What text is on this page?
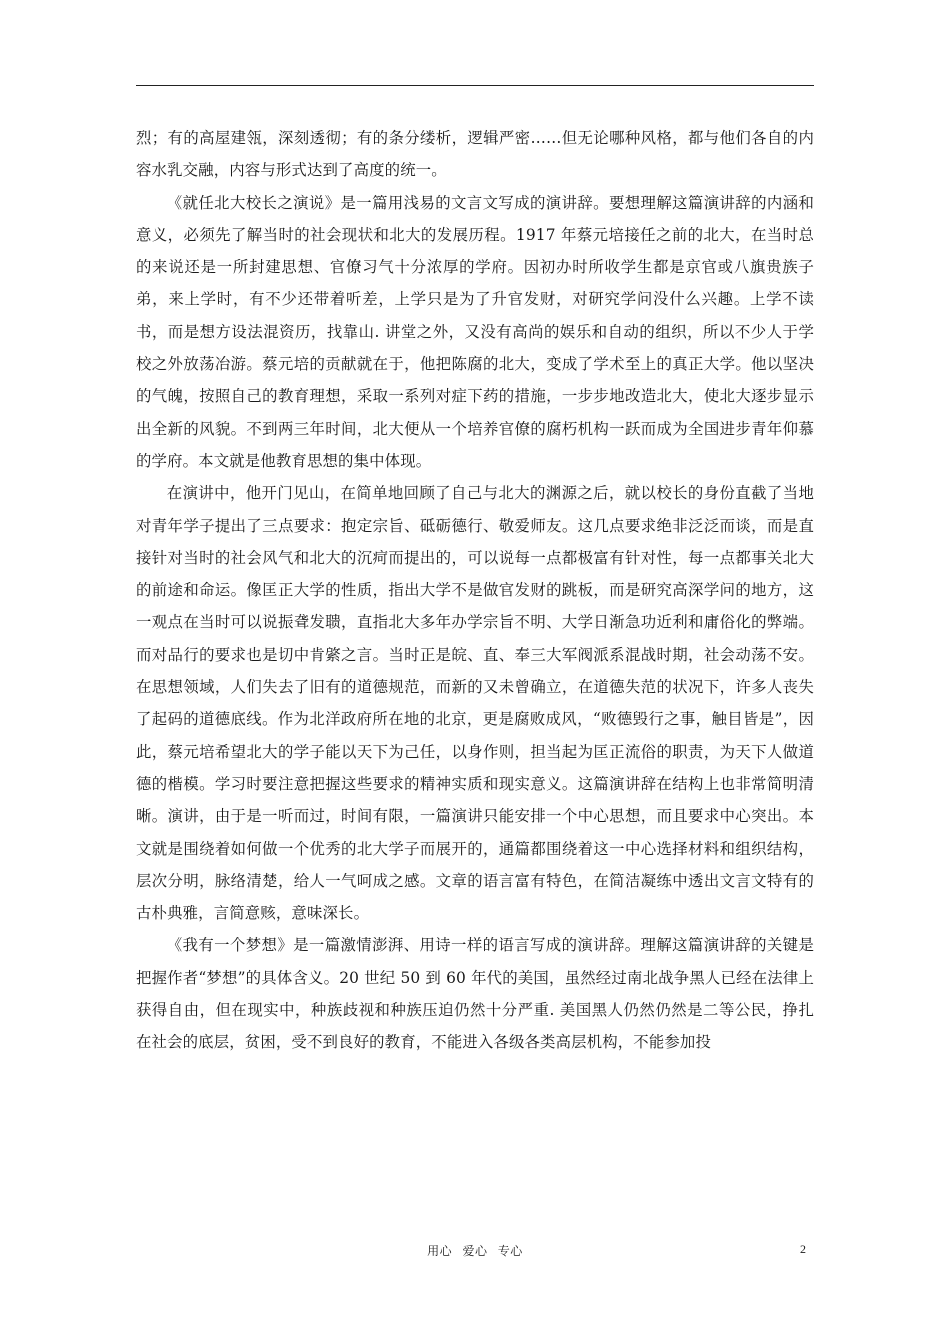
烈；有的高屋建瓴，深刻透彻；有的条分缕析，逻辑严密……但无论哪种风格，都与他们各自的内容水乳交融，内容与形式达到了高度的统一。

《就任北大校长之演说》是一篇用浅易的文言文写成的演讲辞。要想理解这篇演讲辞的内涵和意义，必须先了解当时的社会现状和北大的发展历程。1917 年蔡元培接任之前的北大，在当时总的来说还是一所封建思想、官僚习气十分浓厚的学府。因初办时所收学生都是京官或八旗贵族子弟，来上学时，有不少还带着听差，上学只是为了升官发财，对研究学问没什么兴趣。上学不读书，而是想方设法混资历，找靠山. 讲堂之外，又没有高尚的娱乐和自动的组织，所以不少人于学校之外放荡冶游。蔡元培的贡献就在于，他把陈腐的北大，变成了学术至上的真正大学。他以坚决的气魄，按照自己的教育理想，采取一系列对症下药的措施，一步步地改造北大，使北大逐步显示出全新的风貌。不到两三年时间，北大便从一个培养官僚的腐朽机构一跃而成为全国进步青年仰慕的学府。本文就是他教育思想的集中体现。

在演讲中，他开门见山，在简单地回顾了自己与北大的渊源之后，就以校长的身份直截了当地对青年学子提出了三点要求：抱定宗旨、砥砺德行、敬爱师友。这几点要求绝非泛泛而谈，而是直接针对当时的社会风气和北大的沉疴而提出的，可以说每一点都极富有针对性，每一点都事关北大的前途和命运。像匡正大学的性质，指出大学不是做官发财的跳板，而是研究高深学问的地方，这一观点在当时可以说振聋发聩，直指北大多年办学宗旨不明、大学日渐急功近利和庸俗化的弊端。而对品行的要求也是切中肯綮之言。当时正是皖、直、奉三大军阀派系混战时期，社会动荡不安。在思想领域，人们失去了旧有的道德规范，而新的又未曾确立，在道德失范的状况下，许多人丧失了起码的道德底线。作为北洋政府所在地的北京，更是腐败成风，“败德毁行之事，触目皆是”，因此，蔡元培希望北大的学子能以天下为己任，以身作则，担当起为匡正流俗的职责，为天下人做道德的楷模。学习时要注意把握这些要求的精神实质和现实意义。这篇演讲辞在结构上也非常简明清晰。演讲，由于是一听而过，时间有限，一篇演讲只能安排一个中心思想，而且要求中心突出。本文就是围绕着如何做一个优秀的北大学子而展开的，通篇都围绕着这一中心选择材料和组织结构，层次分明，脉络清楚，给人一气呵成之感。文章的语言富有特色，在简洁凝练中透出文言文特有的古朴典雅，言简意赅，意味深长。

《我有一个梦想》是一篇激情澎湃、用诗一样的语言写成的演讲辞。理解这篇演讲辞的关键是把握作者“梦想”的具体含义。20 世纪 50 到 60 年代的美国，虽然经过南北战争黑人已经在法律上获得自由，但在现实中，种族歧视和种族压迫仍然十分严重. 美国黑人仍然仍然是二等公民，挣扎在社会的底层，贫困，受不到良好的教育，不能进入各级各类高层机构，不能参加投

用心 爱心 专心	2
